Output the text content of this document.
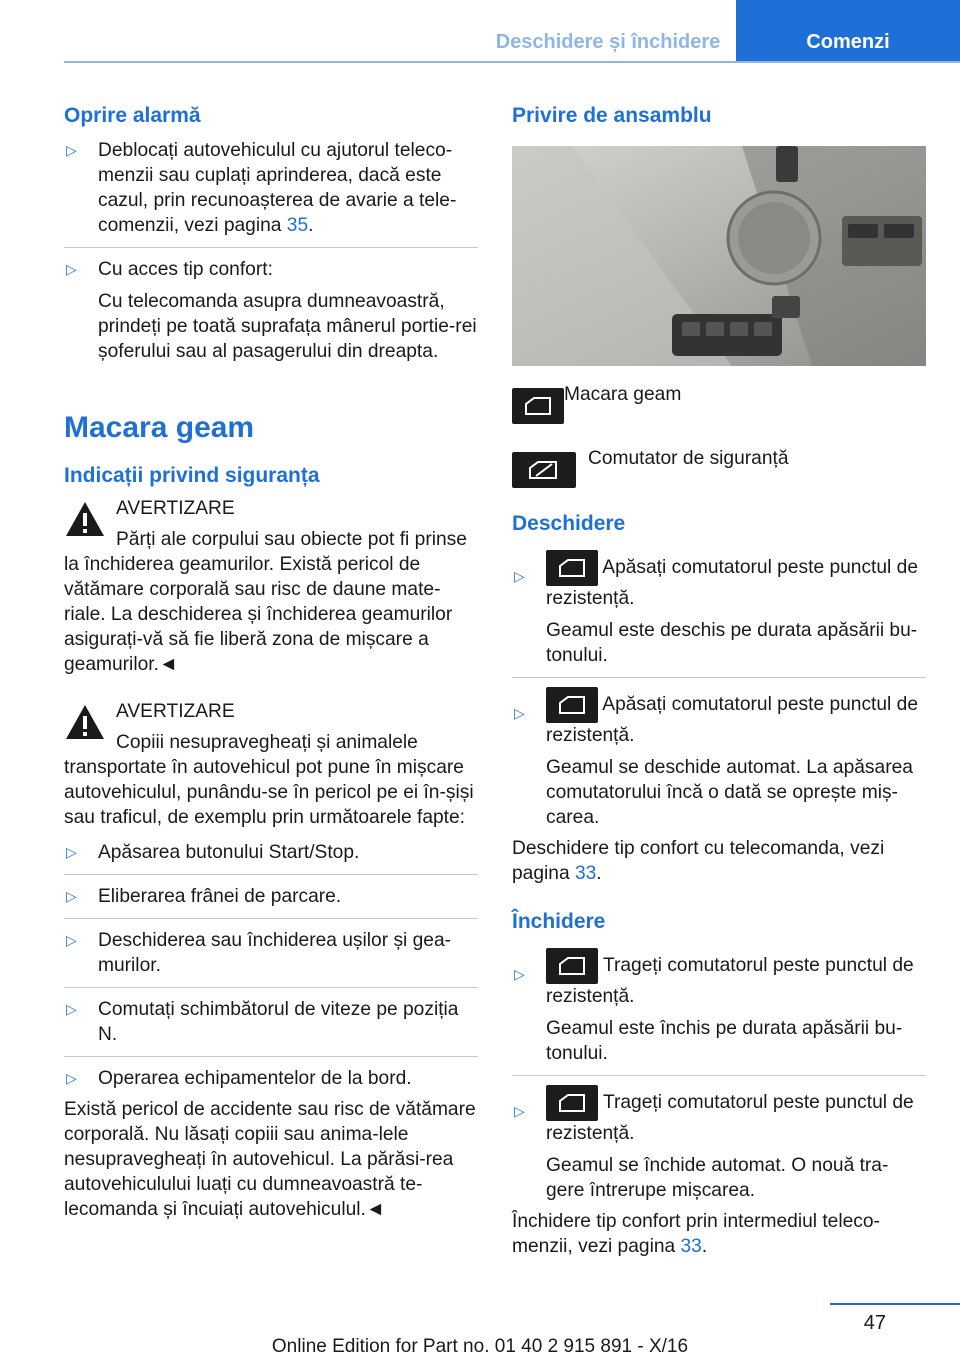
Deschidere și închidere	Comenzi
Oprire alarmă
▷ Deblocați autovehiculul cu ajutorul teleco-menzii sau cuplați aprinderea, dacă este cazul, prin recunoașterea de avarie a tele-comenzii, vezi pagina 35.
▷ Cu acces tip confort:
Cu telecomanda asupra dumneavoastră, prindeți pe toată suprafața mânerul portie-rei șoferului sau al pasagerului din dreapta.
Macara geam
Indicații privind siguranța
AVERTIZARE
Părți ale corpului sau obiecte pot fi prinse la închiderea geamurilor. Există pericol de vătămare corporală sau risc de daune mate-riale. La deschiderea și închiderea geamurilor asigurați-vă să fie liberă zona de mișcare a geamurilor.◄
AVERTIZARE
Copiii nesupravegheați și animalele transportate în autovehicul pot pune în mișcare autovehiculul, punându-se în pericol pe ei în-șiși sau traficul, de exemplu prin următoarele fapte:
▷ Apăsarea butonului Start/Stop.
▷ Eliberarea frânei de parcare.
▷ Deschiderea sau închiderea ușilor și gea-murilor.
▷ Comutați schimbătorul de viteze pe poziția N.
▷ Operarea echipamentelor de la bord.
Există pericol de accidente sau risc de vătămare corporală. Nu lăsați copiii sau anima-lele nesupravegheați în autovehicul. La părăsi-rea autovehiculului luați cu dumneavoastră te-lecomanda și încuiați autovehiculul.◄
Privire de ansamblu
Macara geam
Comutator de siguranță
Deschidere
▷	Apăsați comutatorul peste punctul de rezistență.
Geamul este deschis pe durata apăsării bu-tonului.
▷	Apăsați comutatorul peste punctul de rezistență.
Geamul se deschide automat. La apăsarea comutatorului încă o dată se oprește miș-carea.
Deschidere tip confort cu telecomanda, vezi pagina 33.
Închidere
▷	Trageți comutatorul peste punctul de rezistență.
Geamul este închis pe durata apăsării bu-tonului.
▷	Trageți comutatorul peste punctul de rezistență.
Geamul se închide automat. O nouă tra-gere întrerupe mișcarea.
Închidere tip confort prin intermediul teleco-menzii, vezi pagina 33.
47
Online Edition for Part no. 01 40 2 915 891 - X/16
